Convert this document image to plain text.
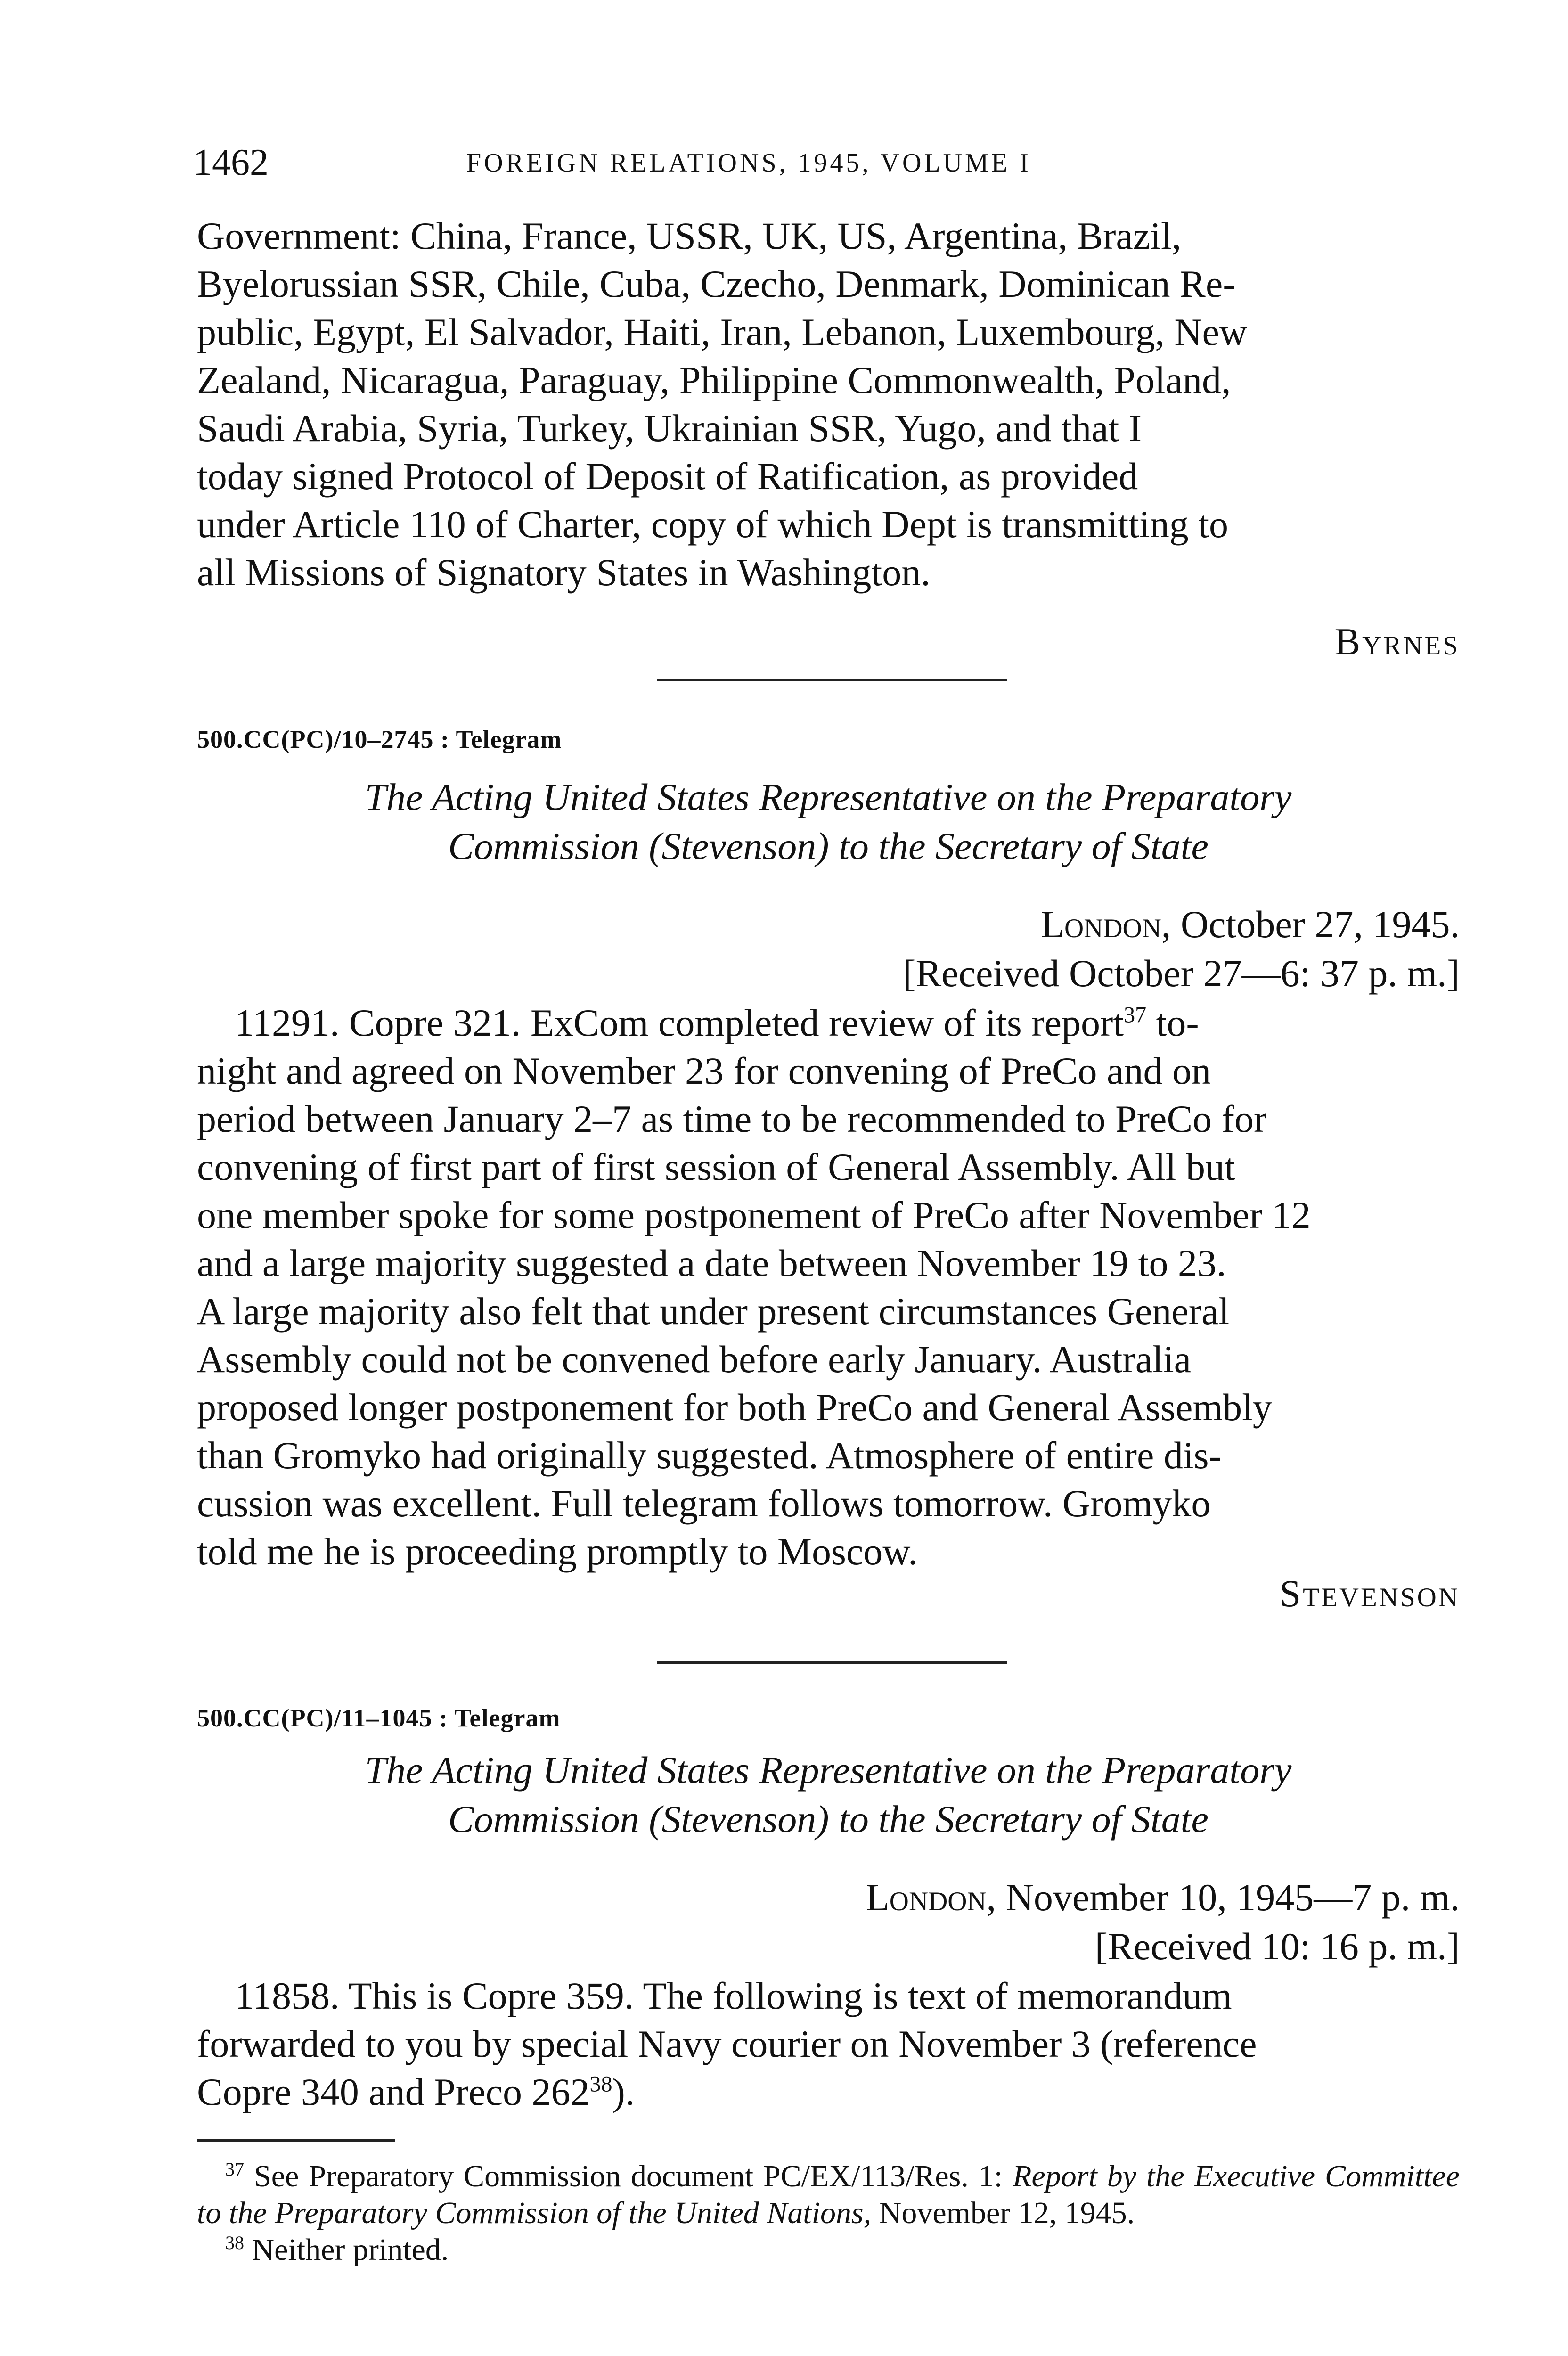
1462	FOREIGN RELATIONS, 1945, VOLUME I
Government: China, France, USSR, UK, US, Argentina, Brazil,
Byelorussian SSR, Chile, Cuba, Czecho, Denmark, Dominican Re-
public, Egypt, El Salvador, Haiti, Iran, Lebanon, Luxembourg, New
Zealand, Nicaragua, Paraguay, Philippine Commonwealth, Poland,
Saudi Arabia, Syria, Turkey, Ukrainian SSR, Yugo, and that I
today signed Protocol of Deposit of Ratification, as provided
under Article 110 of Charter, copy of which Dept is transmitting to
all Missions of Signatory States in Washington.
Byrnes
500.CC(PC)/10–2745 : Telegram
The Acting United States Representative on the Preparatory
Commission (Stevenson) to the Secretary of State
London, October 27, 1945.
[Received October 27—6: 37 p. m.]
11291. Copre 321. ExCom completed review of its report$^{37}$ to-
night and agreed on November 23 for convening of PreCo and on
period between January 2–7 as time to be recommended to PreCo for
convening of first part of first session of General Assembly. All but
one member spoke for some postponement of PreCo after November 12
and a large majority suggested a date between November 19 to 23.
A large majority also felt that under present circumstances General
Assembly could not be convened before early January. Australia
proposed longer postponement for both PreCo and General Assembly
than Gromyko had originally suggested. Atmosphere of entire dis-
cussion was excellent. Full telegram follows tomorrow. Gromyko
told me he is proceeding promptly to Moscow.
Stevenson
500.CC(PC)/11–1045 : Telegram
The Acting United States Representative on the Preparatory
Commission (Stevenson) to the Secretary of State
London, November 10, 1945—7 p. m.
[Received 10: 16 p. m.]
11858. This is Copre 359. The following is text of memorandum
forwarded to you by special Navy courier on November 3 (reference
Copre 340 and Preco $262^{38}$).
$^{37}$ See Preparatory Commission document PC/EX/113/Res. 1: Report by the Executive Committee to the Preparatory Commission of the United Nations, November 12, 1945.
$^{38}$ Neither printed.
